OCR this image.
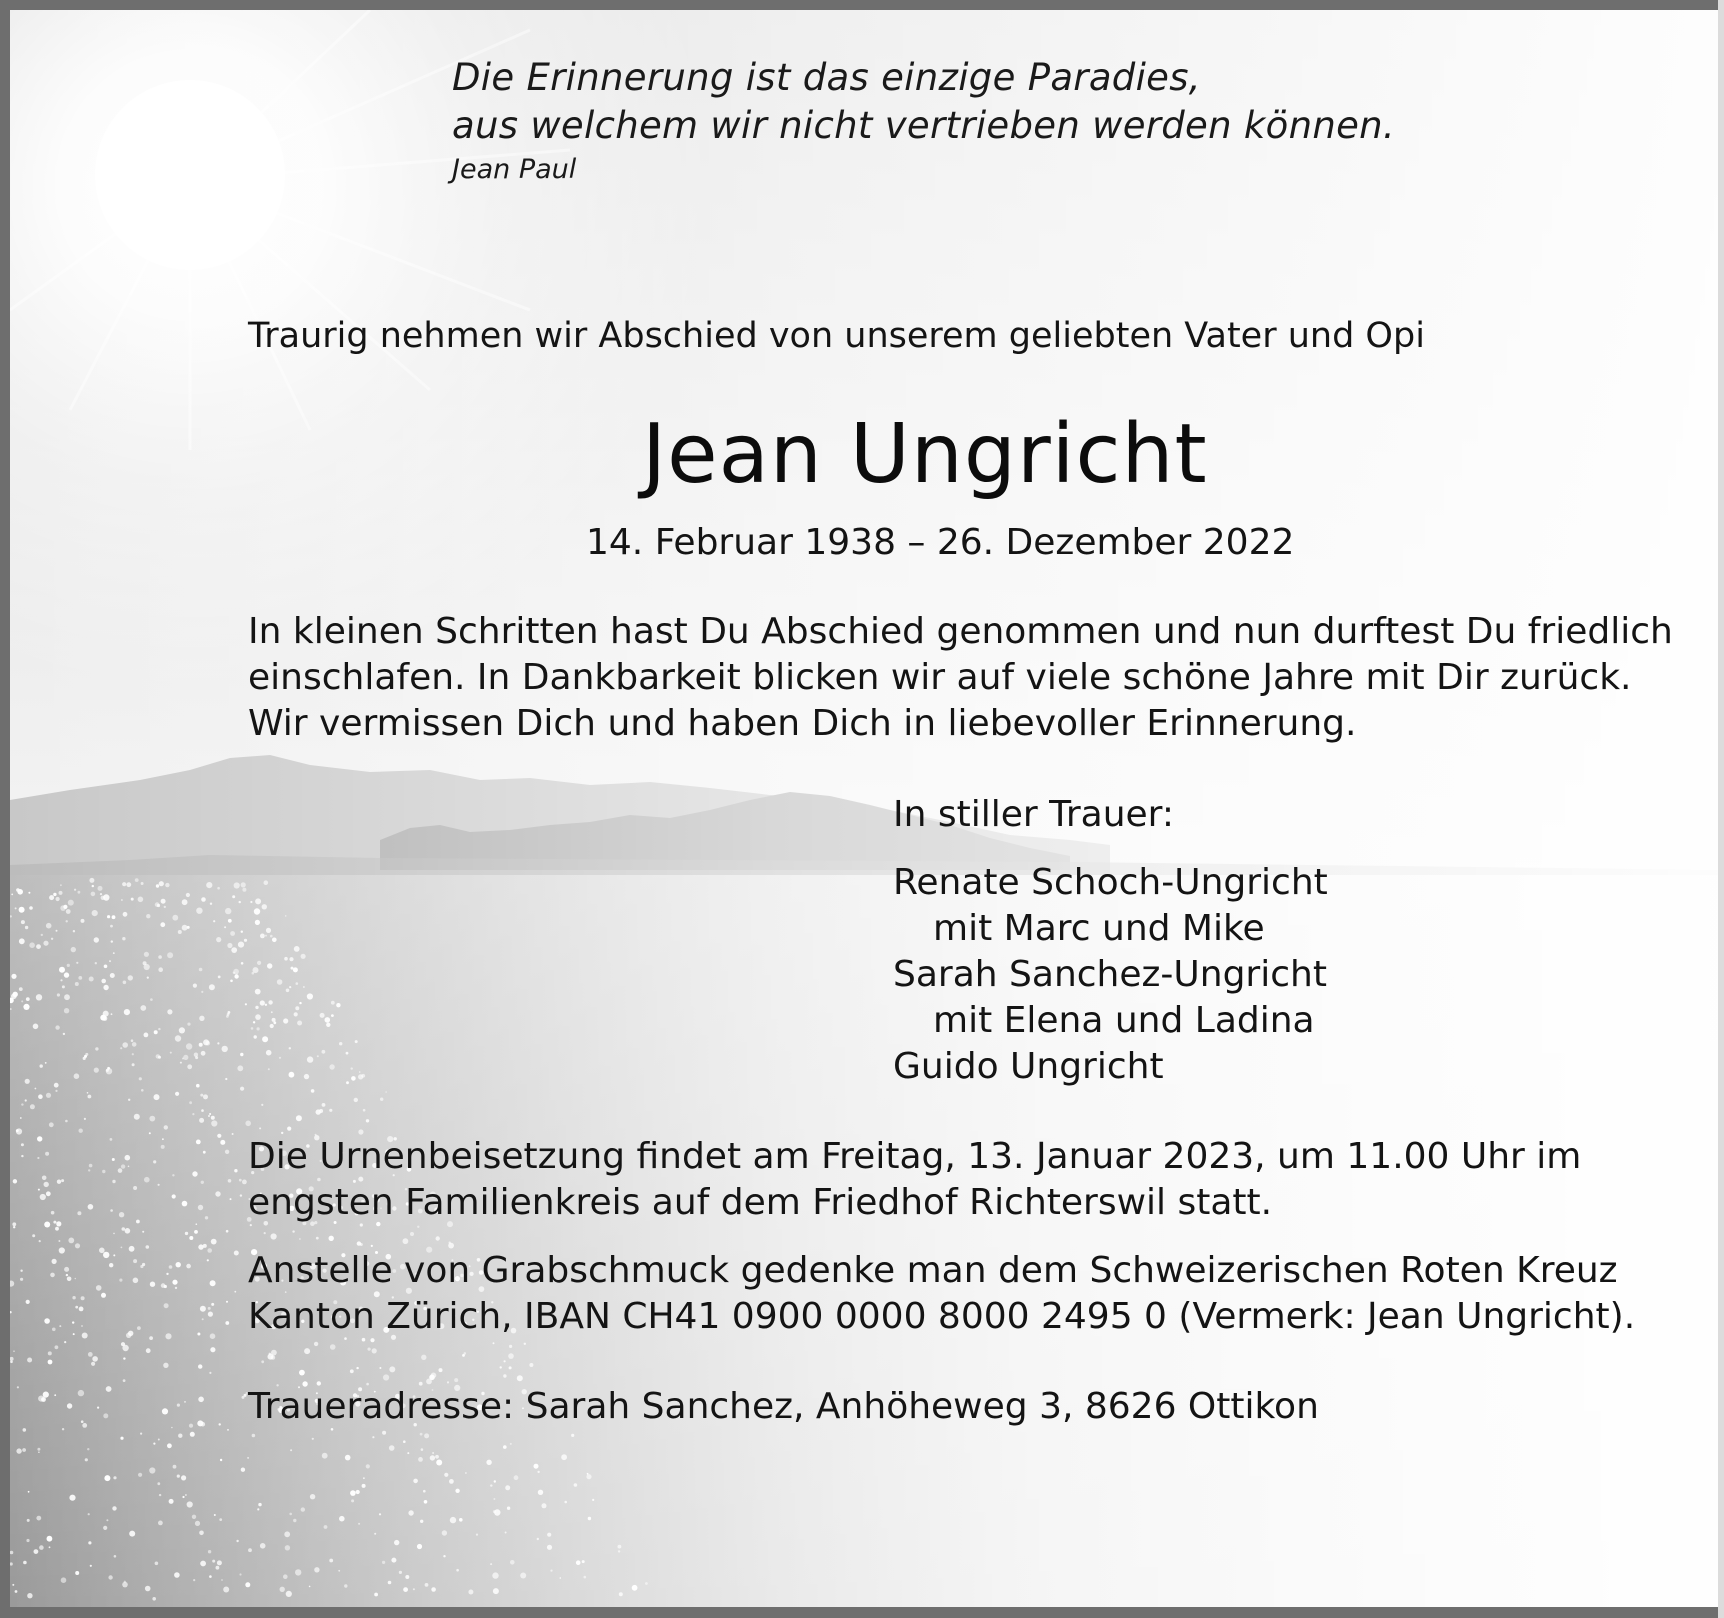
Die Erinnerung ist das einzige Paradies,
aus welchem wir nicht vertrieben werden können.
Jean Paul
Traurig nehmen wir Abschied von unserem geliebten Vater und Opi
Jean Ungricht
14. Februar 1938 – 26. Dezember 2022
In kleinen Schritten hast Du Abschied genommen und nun durftest Du friedlich
einschlafen. In Dankbarkeit blicken wir auf viele schöne Jahre mit Dir zurück.
Wir vermissen Dich und haben Dich in liebevoller Erinnerung.
In stiller Trauer:
Renate Schoch-Ungricht
mit Marc und Mike
Sarah Sanchez-Ungricht
mit Elena und Ladina
Guido Ungricht
Die Urnenbeisetzung findet am Freitag, 13. Januar 2023, um 11.00 Uhr im
engsten Familienkreis auf dem Friedhof Richterswil statt.
Anstelle von Grabschmuck gedenke man dem Schweizerischen Roten Kreuz
Kanton Zürich, IBAN CH41 0900 0000 8000 2495 0 (Vermerk: Jean Ungricht).
Traueradresse: Sarah Sanchez, Anhöheweg 3, 8626 Ottikon
